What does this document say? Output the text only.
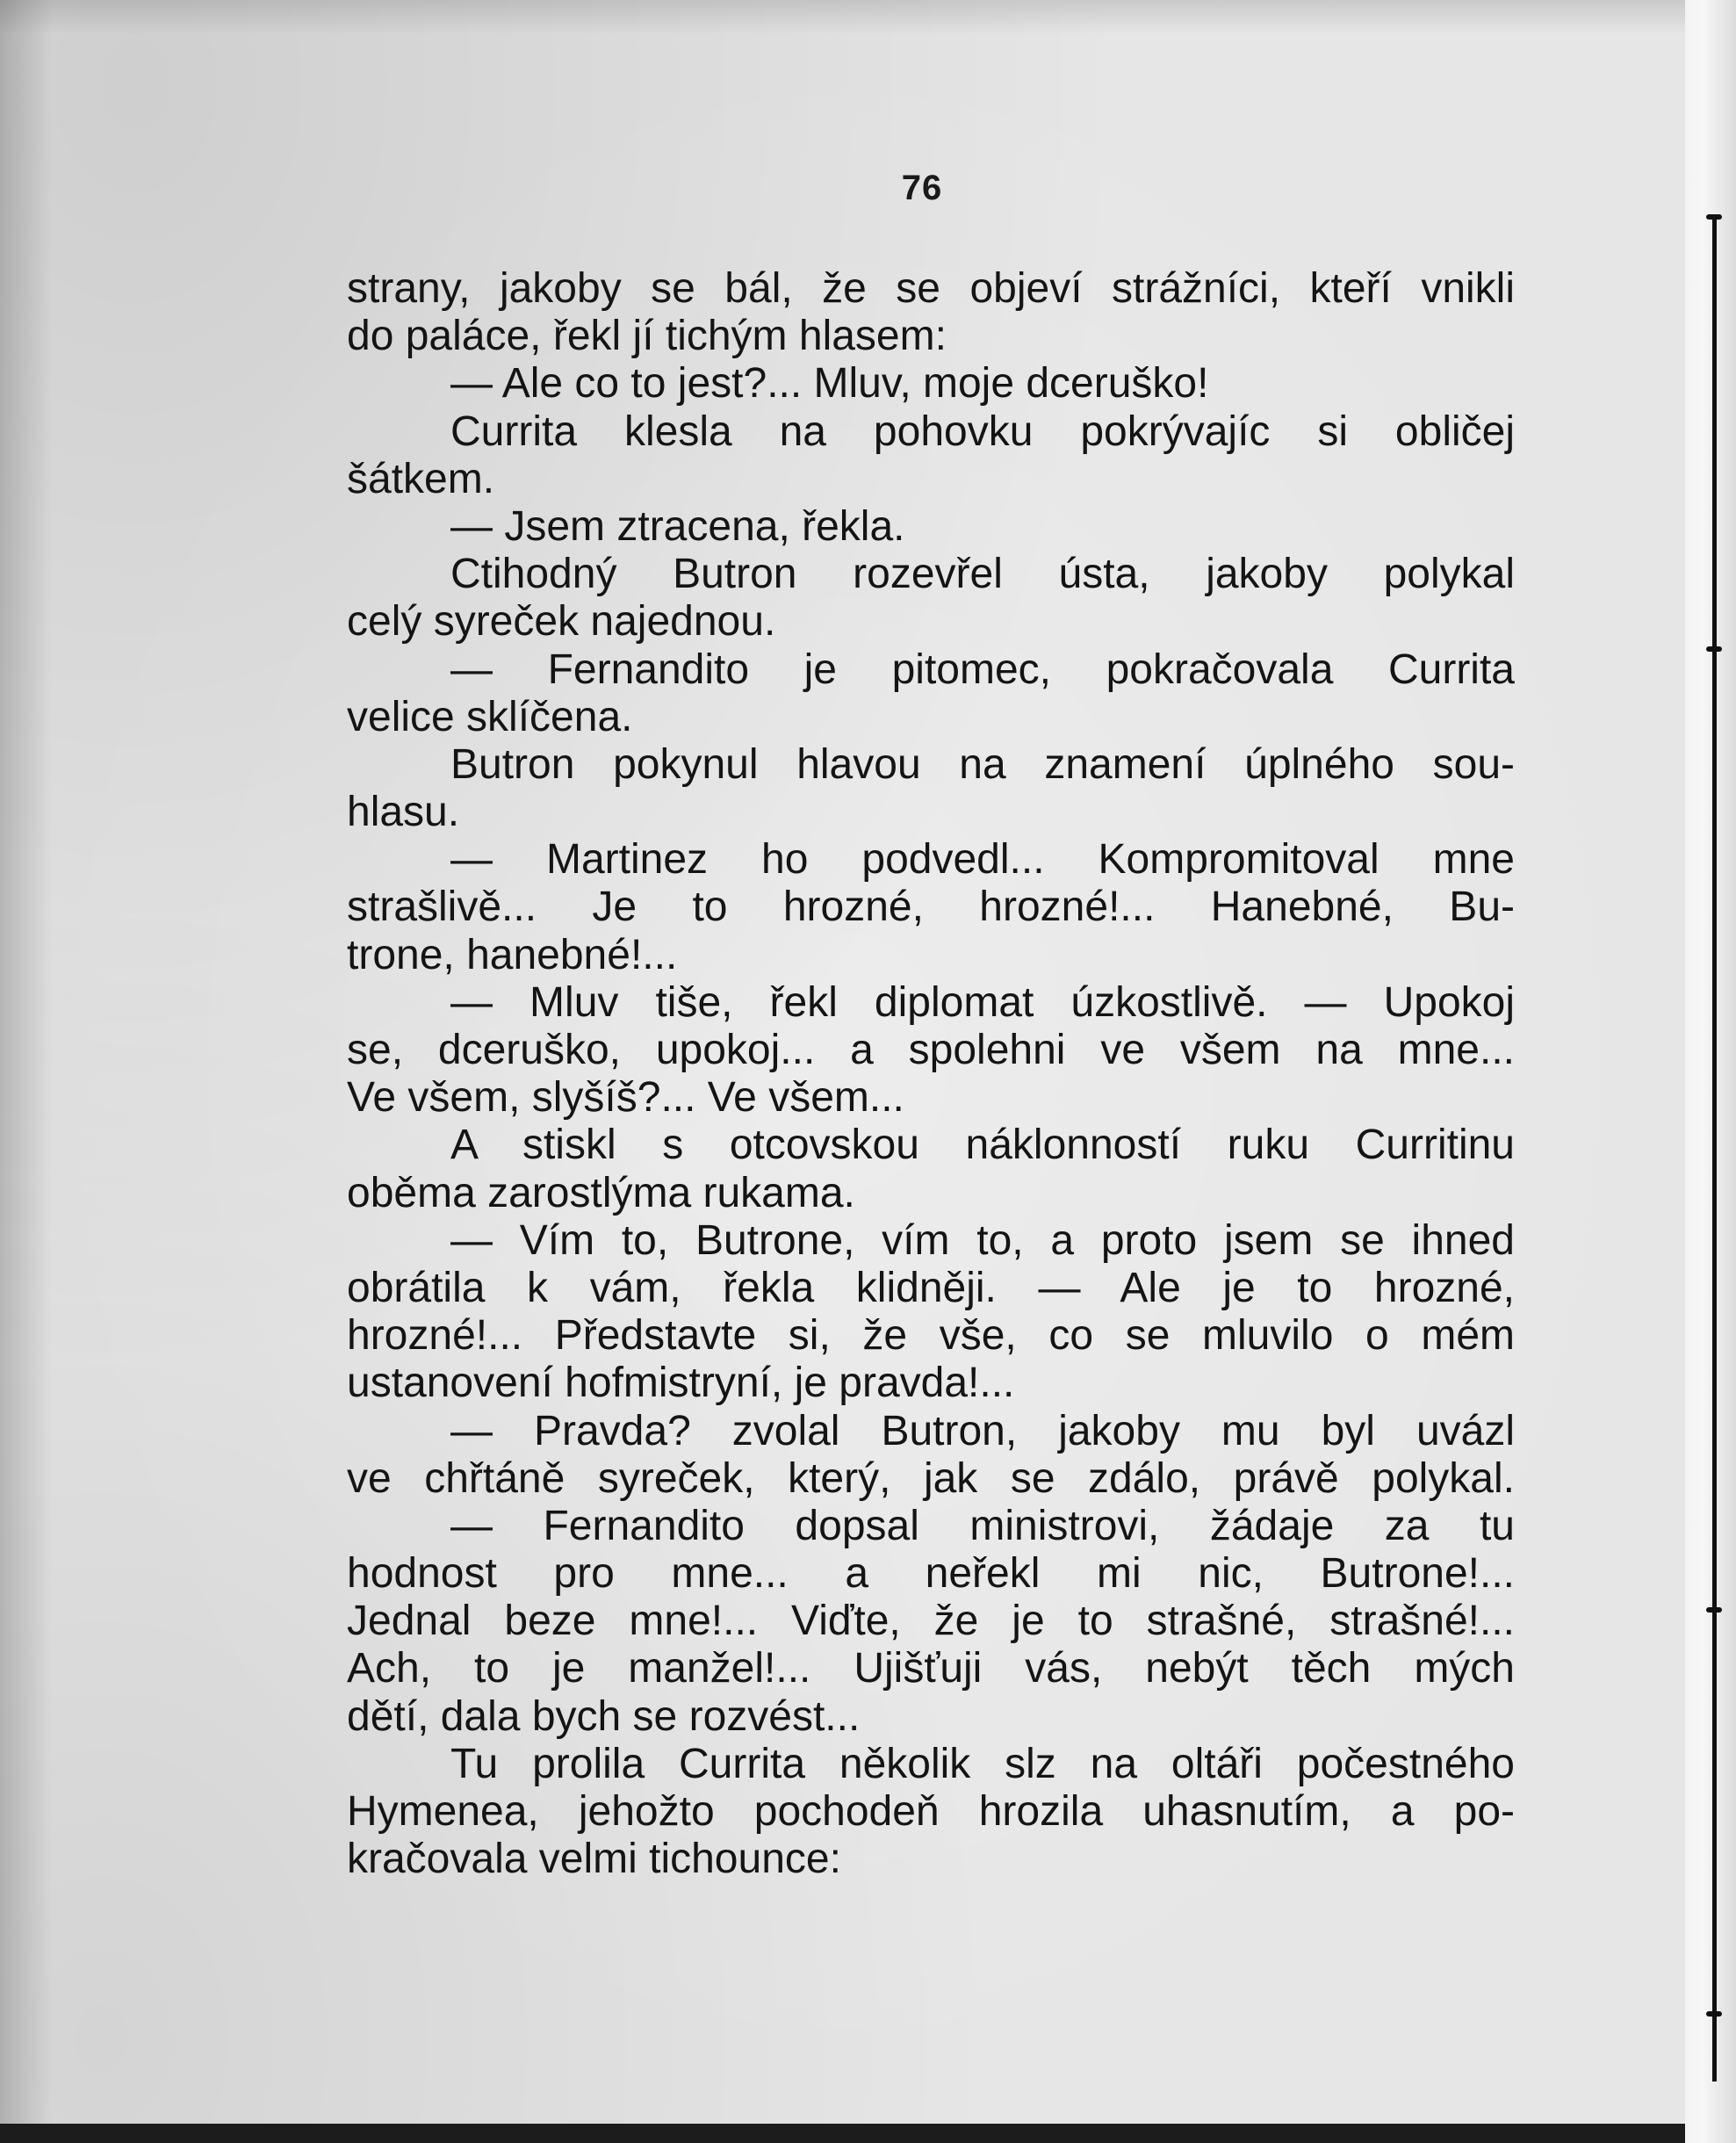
76
strany, jakoby se bál, že se objeví strážníci, kteří vnikli
do paláce, řekl jí tichým hlasem:
— Ale co to jest?... Mluv, moje dceruško!
Currita klesla na pohovku pokrývajíc si obličej
šátkem.
— Jsem ztracena, řekla.
Ctihodný Butron rozevřel ústa, jakoby polykal
celý syreček najednou.
— Fernandito je pitomec, pokračovala Currita
velice sklíčena.
Butron pokynul hlavou na znamení úplného sou-
hlasu.
— Martinez ho podvedl... Kompromitoval mne
strašlivě... Je to hrozné, hrozné!... Hanebné, Bu-
trone, hanebné!...
— Mluv tiše, řekl diplomat úzkostlivě. — Upokoj
se, dceruško, upokoj... a spolehni ve všem na mne...
Ve všem, slyšíš?... Ve všem...
A stiskl s otcovskou náklonností ruku Curritinu
oběma zarostlýma rukama.
— Vím to, Butrone, vím to, a proto jsem se ihned
obrátila k vám, řekla klidněji. — Ale je to hrozné,
hrozné!... Představte si, že vše, co se mluvilo o mém
ustanovení hofmistryní, je pravda!...
— Pravda? zvolal Butron, jakoby mu byl uvázl
ve chřtáně syreček, který, jak se zdálo, právě polykal.
— Fernandito dopsal ministrovi, žádaje za tu
hodnost pro mne... a neřekl mi nic, Butrone!...
Jednal beze mne!... Viďte, že je to strašné, strašné!...
Ach, to je manžel!... Ujišťuji vás, nebýt těch mých
dětí, dala bych se rozvést...
Tu prolila Currita několik slz na oltáři počestného
Hymenea, jehožto pochodeň hrozila uhasnutím, a po-
kračovala velmi tichounce:
